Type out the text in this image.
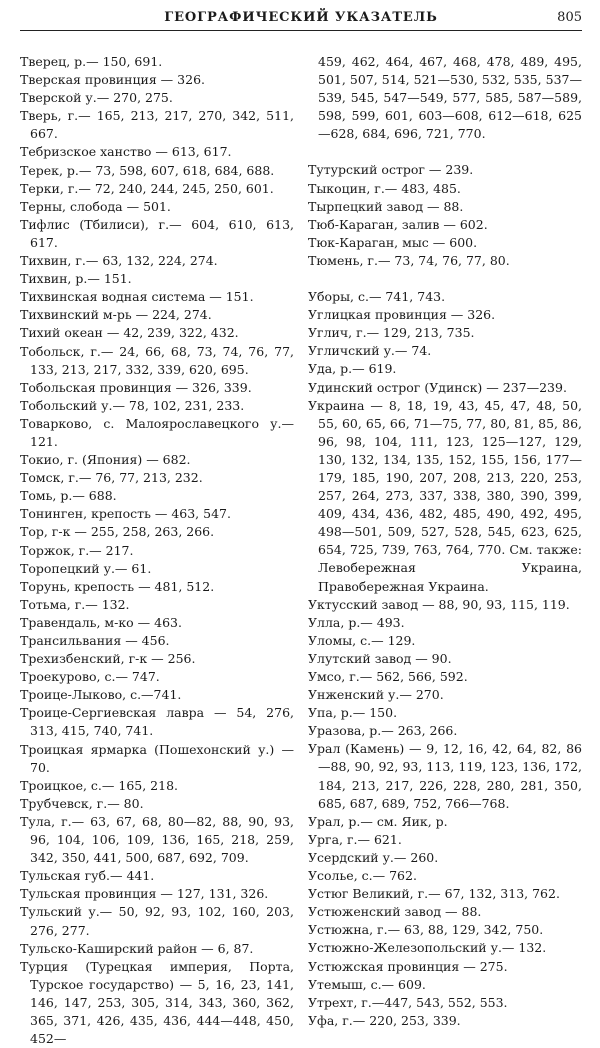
ГЕОГРАФИЧЕСКИЙ УКАЗАТЕЛЬ	805

Тверец, р.— 150, 691.

Тверская провинция — 326.

Тверской у.— 270, 275.

Тверь, г.— 165, 213, 217, 270, 342, 511, 667.

Тебризское ханство — 613, 617.

Терек, р.— 73, 598, 607, 618, 684, 688.

Терки, г.— 72, 240, 244, 245, 250, 601.

Терны, слобода — 501.

Тифлис (Тбилиси), г.— 604, 610, 613, 617.

Тихвин, г.— 63, 132, 224, 274.

Тихвин, р.— 151.

Тихвинская водная система — 151.

Тихвинский м-рь — 224, 274.

Тихий океан — 42, 239, 322, 432.

Тобольск, г.— 24, 66, 68, 73, 74, 76, 77, 133, 213, 217, 332, 339, 620, 695.

Тобольская провинция — 326, 339.

Тобольский у.— 78, 102, 231, 233.

Товарково, с. Малоярославецкого у.— 121.

Токио, г. (Япония) — 682.

Томск, г.— 76, 77, 213, 232.

Томь, р.— 688.

Тонинген, крепость — 463, 547.

Тор, г-к — 255, 258, 263, 266.

Торжок, г.— 217.

Торопецкий у.— 61.

Торунь, крепость — 481, 512.

Тотьма, г.— 132.

Травендаль, м-ко — 463.

Трансильвания — 456.

Трехизбенский, г-к — 256.

Троекурово, с.— 747.

Троице-Лыково, с.—741.

Троице-Сергиевская лавра — 54, 276, 313, 415, 740, 741.

Троицкая ярмарка (Пошехонский у.) — 70.

Троицкое, с.— 165, 218.

Трубчевск, г.— 80.

Тула, г.— 63, 67, 68, 80—82, 88, 90, 93, 96, 104, 106, 109, 136, 165, 218, 259, 342, 350, 441, 500, 687, 692, 709.

Тульская губ.— 441.

Тульская провинция — 127, 131, 326.

Тульский у.— 50, 92, 93, 102, 160, 203, 276, 277.

Тульско-Каширский район — 6, 87.

Турция (Турецкая империя, Порта, Турское государство) — 5, 16, 23, 141, 146, 147, 253, 305, 314, 343, 360, 362, 365, 371, 426, 435, 436, 444—448, 450, 452—

459, 462, 464, 467, 468, 478, 489, 495, 501, 507, 514, 521—530, 532, 535, 537—539, 545, 547—549, 577, 585, 587—589, 598, 599, 601, 603—608, 612—618, 625—628, 684, 696, 721, 770.

Тутурский острог — 239.

Тыкоцин, г.— 483, 485.

Тырпецкий завод — 88.

Тюб-Караган, залив — 602.

Тюк-Караган, мыс — 600.

Тюмень, г.— 73, 74, 76, 77, 80.

Уборы, с.— 741, 743.

Углицкая провинция — 326.

Углич, г.— 129, 213, 735.

Угличский у.— 74.

Уда, р.— 619.

Удинский острог (Удинск) — 237—239.

Украина — 8, 18, 19, 43, 45, 47, 48, 50, 55, 60, 65, 66, 71—75, 77, 80, 81, 85, 86, 96, 98, 104, 111, 123, 125—127, 129, 130, 132, 134, 135, 152, 155, 156, 177—179, 185, 190, 207, 208, 213, 220, 253, 257, 264, 273, 337, 338, 380, 390, 399, 409, 434, 436, 482, 485, 490, 492, 495, 498—501, 509, 527, 528, 545, 623, 625, 654, 725, 739, 763, 764, 770. См. также: Левобережная Украина, Правобережная Украина.

Уктусский завод — 88, 90, 93, 115, 119.

Улла, р.— 493.

Уломы, с.— 129.

Улутский завод — 90.

Умсо, г.— 562, 566, 592.

Унженский у.— 270.

Упа, р.— 150.

Уразова, р.— 263, 266.

Урал (Камень) — 9, 12, 16, 42, 64, 82, 86—88, 90, 92, 93, 113, 119, 123, 136, 172, 184, 213, 217, 226, 228, 280, 281, 350, 685, 687, 689, 752, 766—768.

Урал, р.— см. Яик, р.

Урга, г.— 621.

Усердский у.— 260.

Усолье, с.— 762.

Устюг Великий, г.— 67, 132, 313, 762.

Устюженский завод — 88.

Устюжна, г.— 63, 88, 129, 342, 750.

Устюжно-Железопольский у.— 132.

Устюжская провинция — 275.

Утемыш, с.— 609.

Утрехт, г.—447, 543, 552, 553.

Уфа, г.— 220, 253, 339.
